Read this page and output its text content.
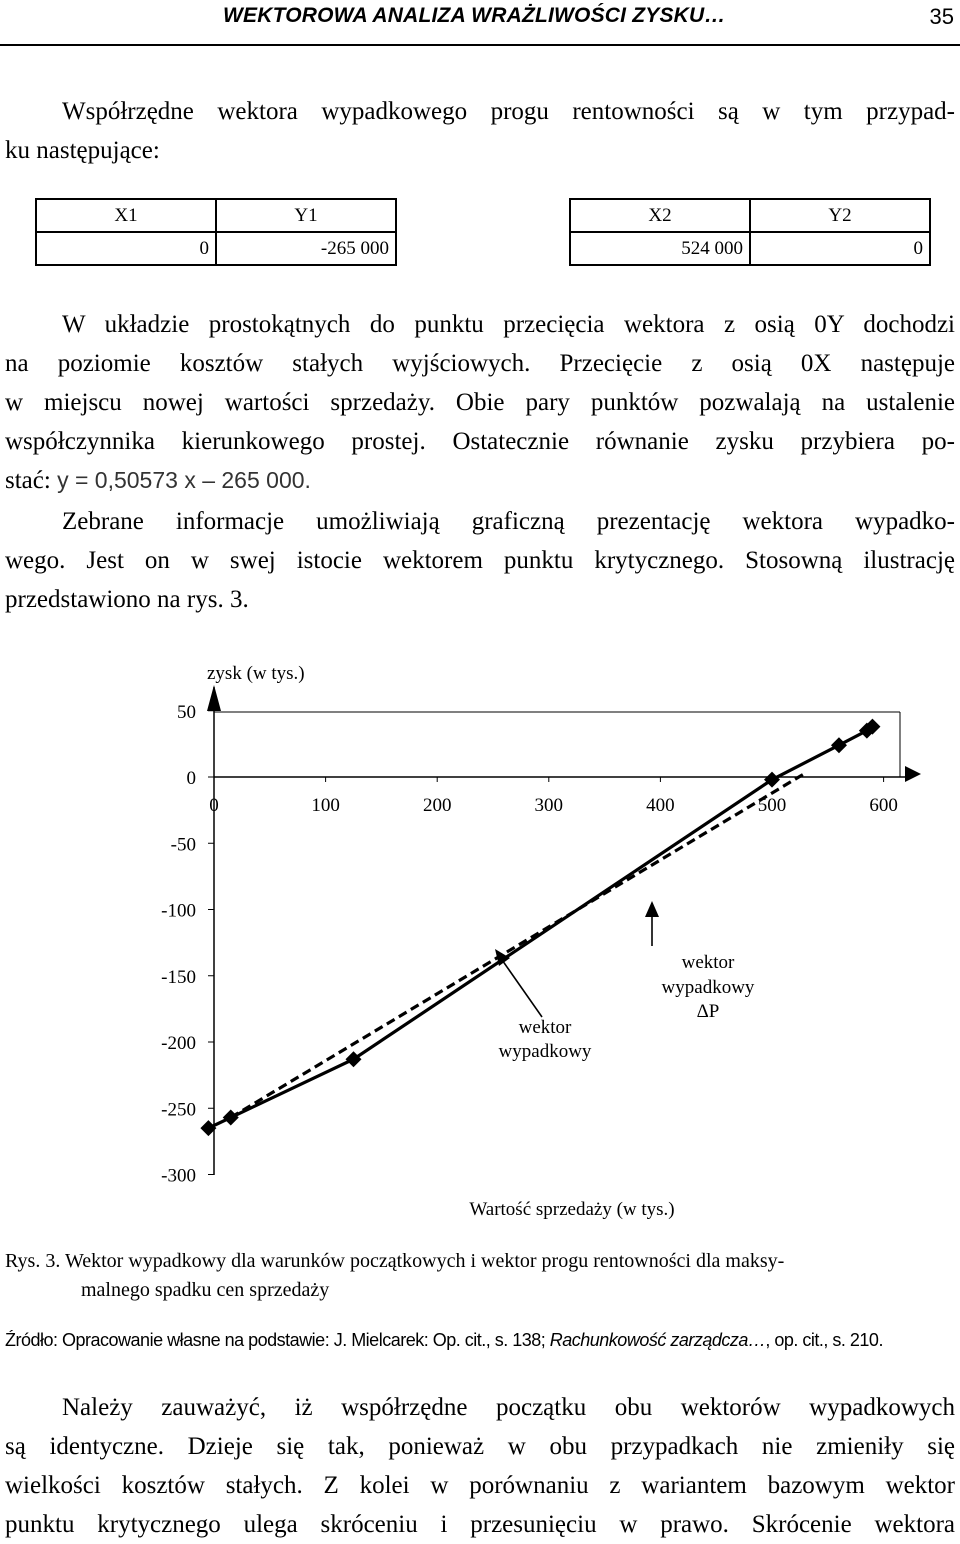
WEKTOROWA ANALIZA WRAŻLIWOŚCI ZYSKU…	35
Współrzędne wektora wypadkowego progu rentowności są w tym przypad-
ku następujące:
X1	Y1
0	-265 000
X2	Y2
524 000	0
W układzie prostokątnych do punktu przecięcia wektora z osią 0Y dochodzi
na poziomie kosztów stałych wyjściowych. Przecięcie z osią 0X następuje
w miejscu nowej wartości sprzedaży. Obie pary punktów pozwalają na ustalenie
współczynnika kierunkowego prostej. Ostatecznie równanie zysku przybiera po-
stać: y = 0,50573 x – 265 000.
Zebrane informacje umożliwiają graficzną prezentację wektora wypadko-
wego. Jest on w swej istocie wektorem punktu krytycznego. Stosowną ilustrację
przedstawiono na rys. 3.
50
0
-50
-100
-150
-200
-250
-300
0	100	200	300	400	500	600
zysk (w tys.)
Wartość sprzedaży (w tys.)
wektor
wypadkowy
wektor
wypadkowy
ΔP
Rys. 3. Wektor wypadkowy dla warunków początkowych i wektor progu rentowności dla maksy-
malnego spadku cen sprzedaży
Źródło: Opracowanie własne na podstawie: J. Mielcarek: Op. cit., s. 138; Rachunkowość zarządcza…, op. cit., s. 210.
Należy zauważyć, iż współrzędne początku obu wektorów wypadkowych
są identyczne. Dzieje się tak, ponieważ w obu przypadkach nie zmieniły się
wielkości kosztów stałych. Z kolei w porównaniu z wariantem bazowym wektor
punktu krytycznego ulega skróceniu i przesunięciu w prawo. Skrócenie wektora
